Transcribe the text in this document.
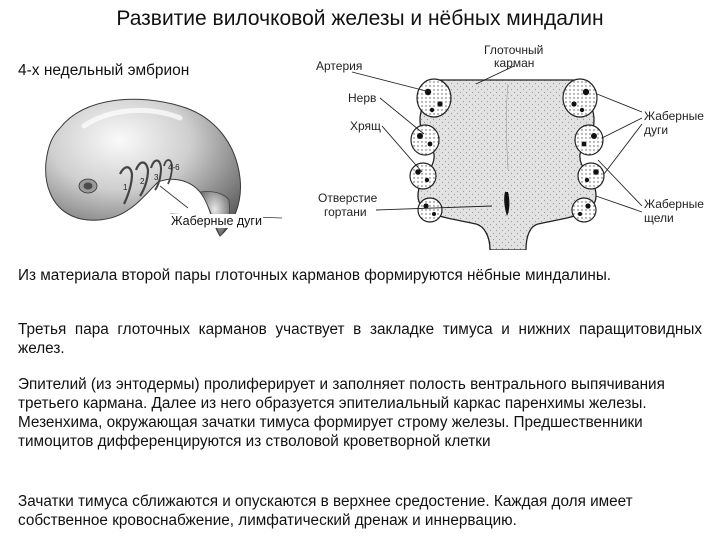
Развитие вилочковой железы и нёбных миндалин
4-х недельный эмбрион
1
2 3
4-6
Жаберные дуги
Артерия
Нерв
Хрящ
Глоточный
карман
Отверстие
гортани
Жаберные
дуги
Жаберные
щели

Из материала второй пары глоточных карманов формируются нёбные миндалины.

Третья пара глоточных карманов участвует в закладке тимуса и нижних паращитовидных желез.

Эпителий (из энтодермы) пролиферирует и заполняет полость вентрального выпячивания третьего кармана. Далее из него образуется эпителиальный каркас паренхимы железы. Мезенхима, окружающая зачатки тимуса формирует строму железы. Предшественники тимоцитов дифференцируются из стволовой кроветворной клетки

Зачатки тимуса сближаются и опускаются в верхнее средостение. Каждая доля имеет собственное кровоснабжение, лимфатический дренаж и иннервацию.
